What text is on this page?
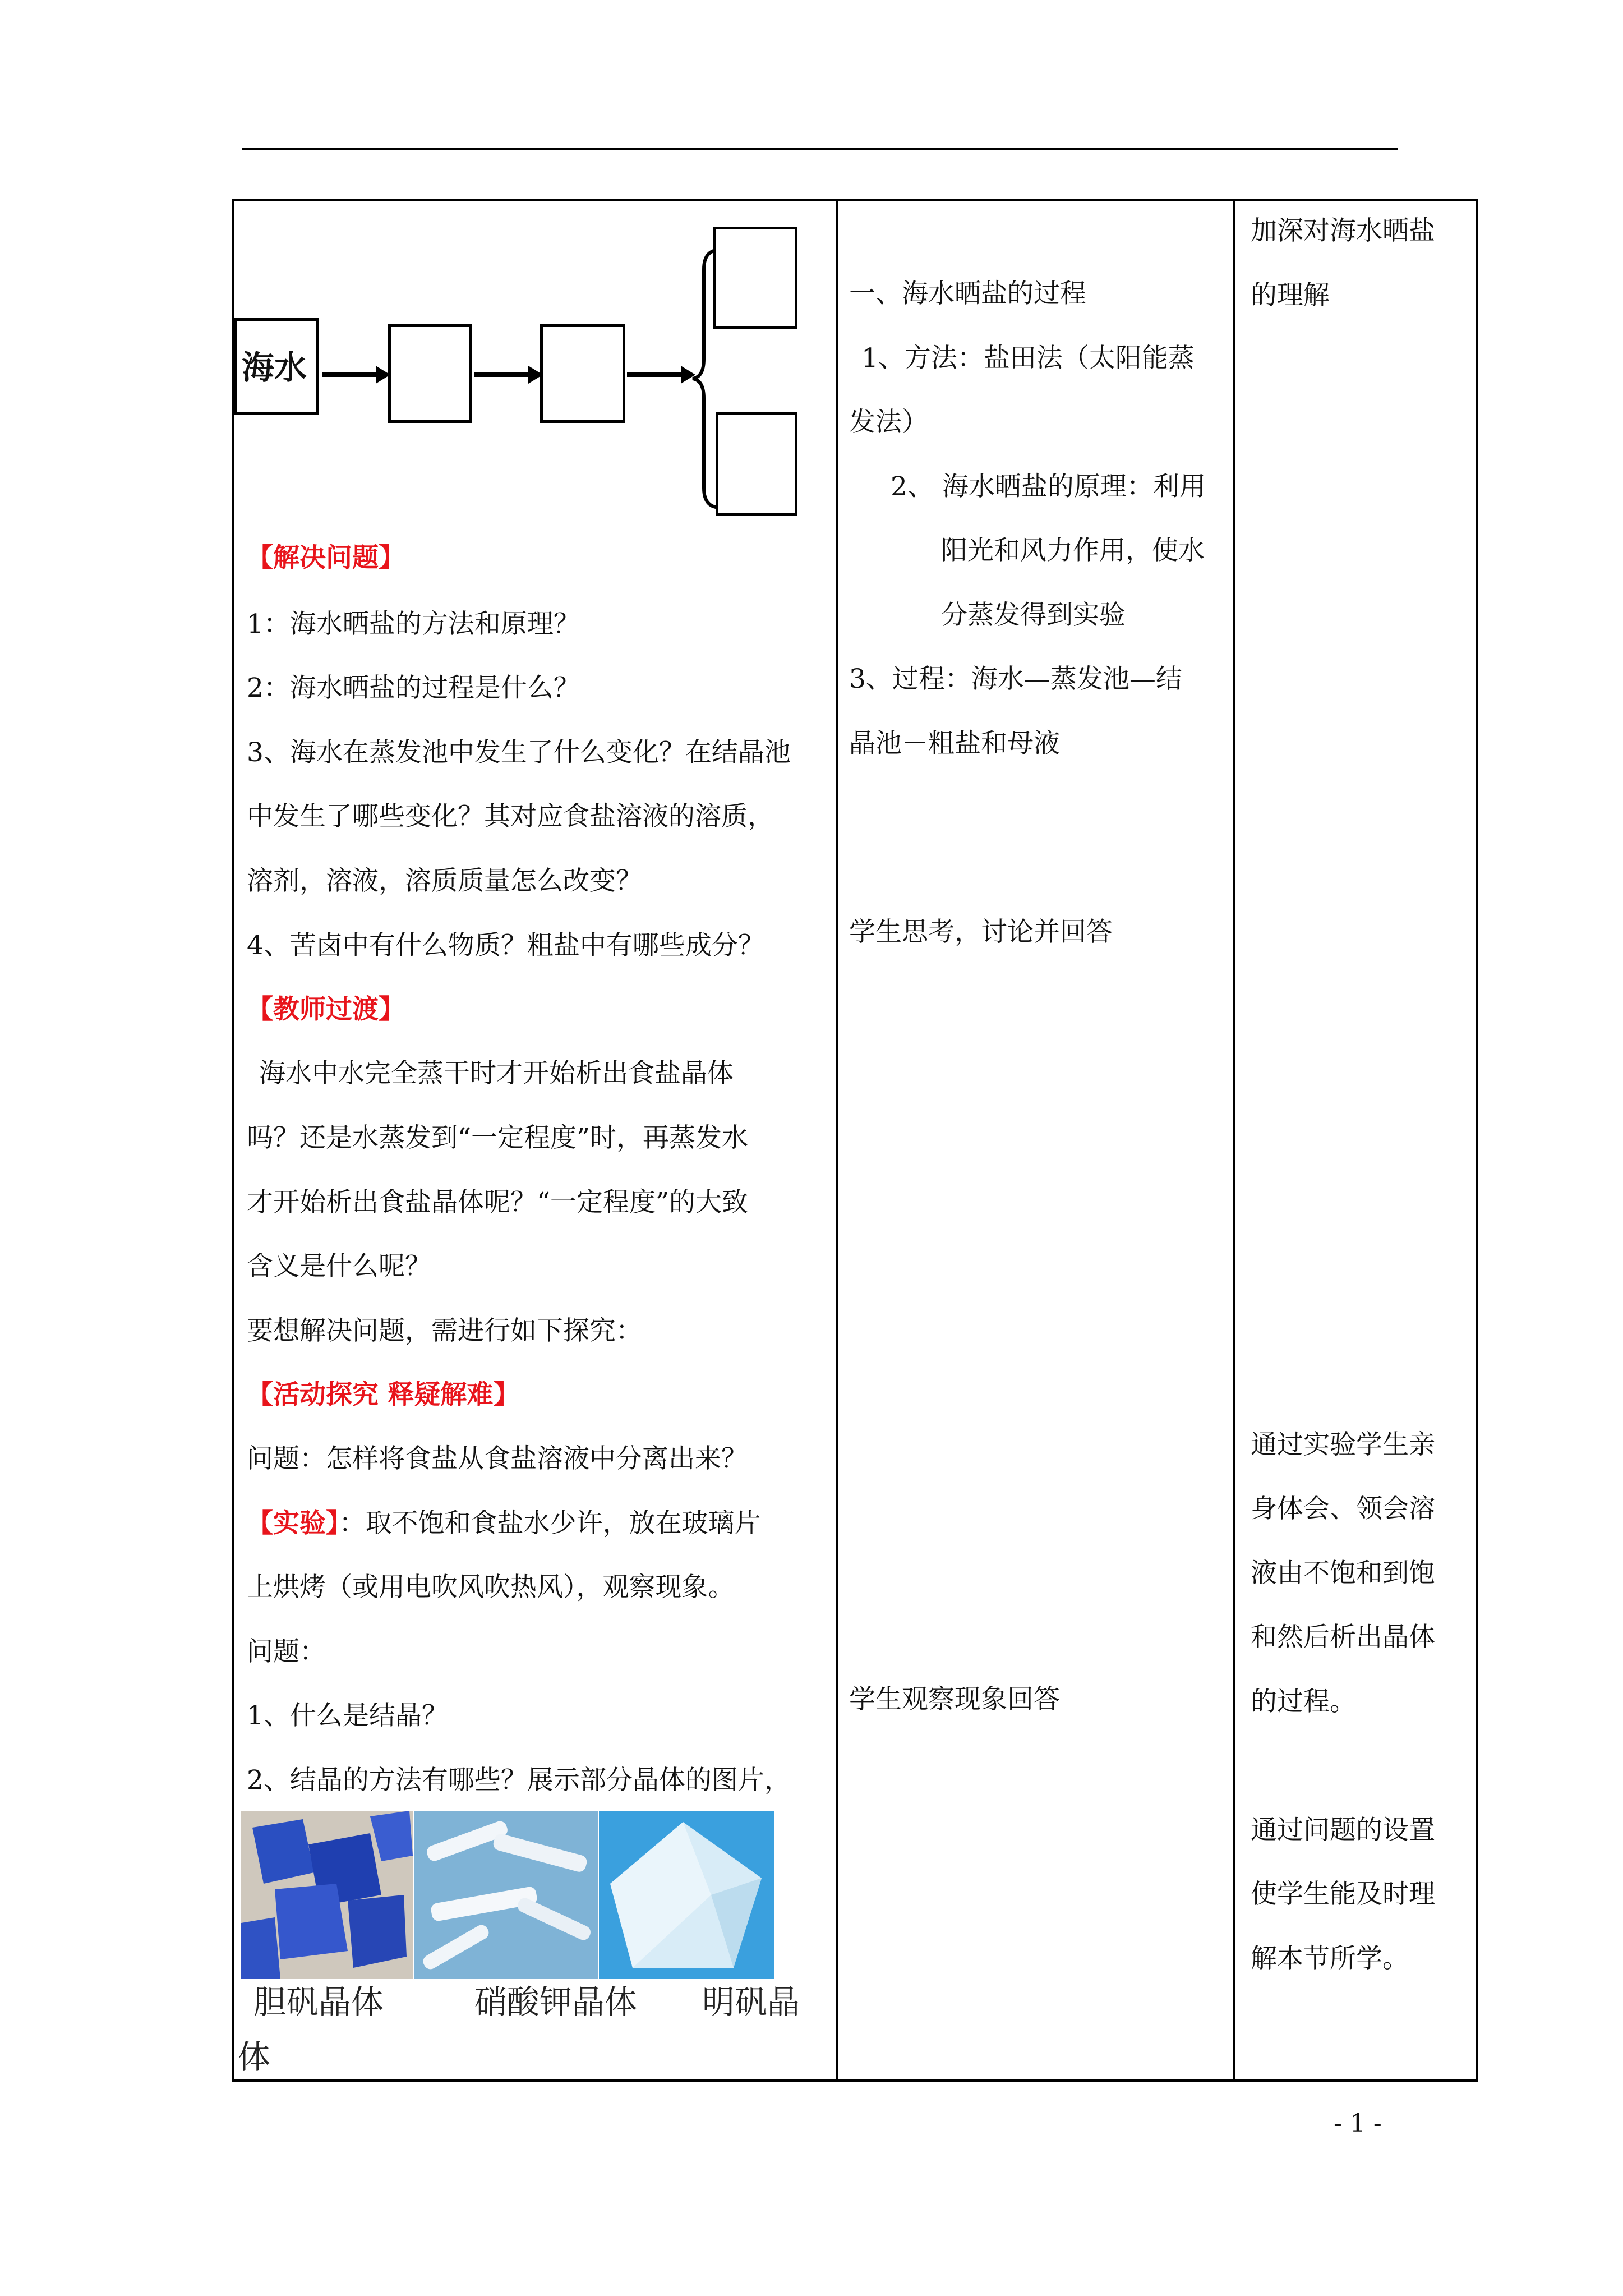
海水
【解决问题】
1：海水晒盐的方法和原理？
2：海水晒盐的过程是什么？
3、海水在蒸发池中发生了什么变化？在结晶池
中发生了哪些变化？其对应食盐溶液的溶质，
溶剂，溶液，溶质质量怎么改变？
4、苦卤中有什么物质？粗盐中有哪些成分？
【教师过渡】
海水中水完全蒸干时才开始析出食盐晶体
吗？还是水蒸发到“一定程度”时，再蒸发水
才开始析出食盐晶体呢？“一定程度”的大致
含义是什么呢？
要想解决问题，需进行如下探究：
【活动探究 释疑解难】
问题：怎样将食盐从食盐溶液中分离出来？
【实验】：取不饱和食盐水少许，放在玻璃片
上烘烤（或用电吹风吹热风），观察现象。
问题：
1、什么是结晶？
2、结晶的方法有哪些？展示部分晶体的图片，
胆矾晶体	硝酸钾晶体 明矾晶
体
一、海水晒盐的过程
1、方法：盐田法（太阳能蒸
发法）
2、 海水晒盐的原理：利用
阳光和风力作用，使水
分蒸发得到实验
3、过程：海水—蒸发池—结
晶池－粗盐和母液
学生思考，讨论并回答
学生观察现象回答
加深对海水晒盐
的理解
通过实验学生亲
身体会、领会溶
液由不饱和到饱
和然后析出晶体
的过程。
通过问题的设置
使学生能及时理
解本节所学。
- 1 -
